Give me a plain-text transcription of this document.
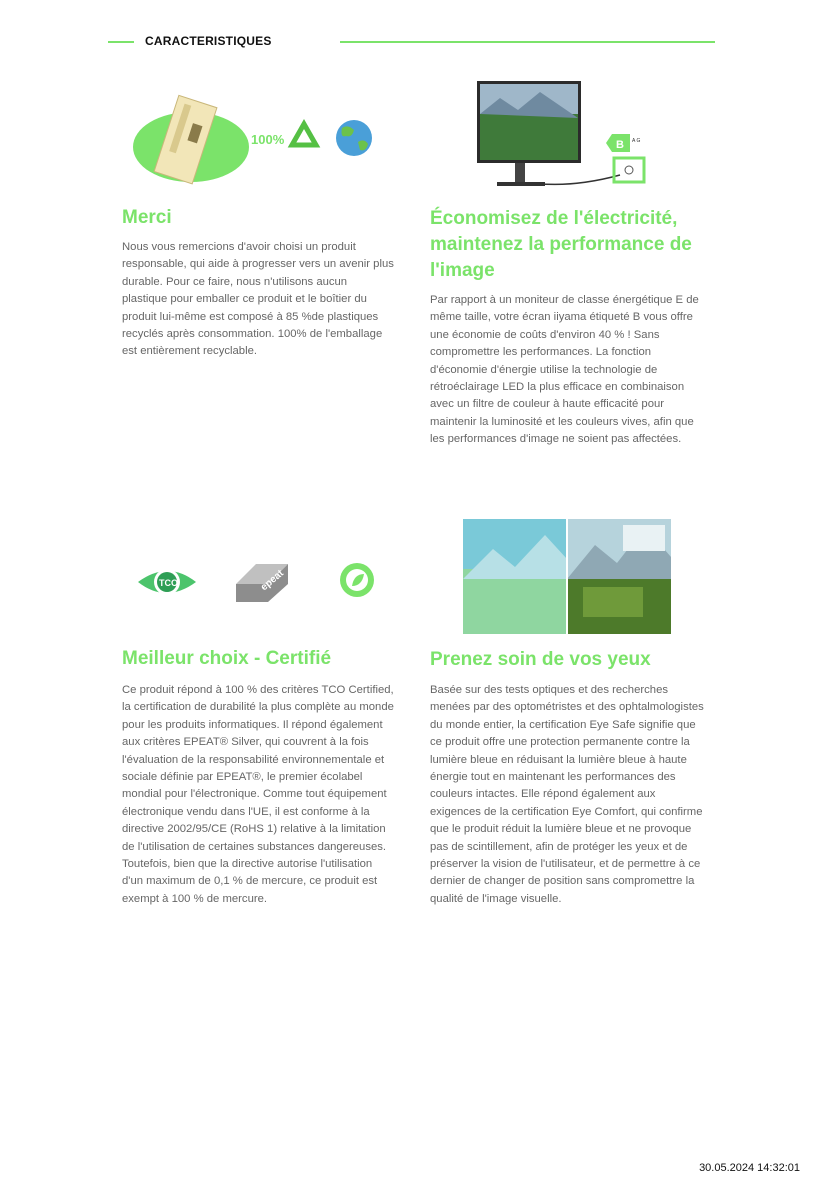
CARACTERISTIQUES
100%	B A G
TCO	epeat
Merci

Nous vous remercions d'avoir choisi un produit responsable, qui aide à progresser vers un avenir plus durable. Pour ce faire, nous n'utilisons aucun plastique pour emballer ce produit et le boîtier du produit lui-même est composé à 85 %de plastiques recyclés après consommation. 100% de l'emballage est entièrement recyclable.

Économisez de l'électricité, maintenez la performance de l'image

Par rapport à un moniteur de classe énergétique E de même taille, votre écran iiyama étiqueté B vous offre une économie de coûts d'environ 40 % ! Sans compromettre les performances. La fonction d'économie d'énergie utilise la technologie de rétroéclairage LED la plus efficace en combinaison avec un filtre de couleur à haute efficacité pour maintenir la luminosité et les couleurs vives, afin que les performances d'image ne soient pas affectées.

Meilleur choix - Certifié

Ce produit répond à 100 % des critères TCO Certified, la certification de durabilité la plus complète au monde pour les produits informatiques. Il répond également aux critères EPEAT® Silver, qui couvrent à la fois l'évaluation de la responsabilité environnementale et sociale définie par EPEAT®, le premier écolabel mondial pour l'électronique. Comme tout équipement électronique vendu dans l'UE, il est conforme à la directive 2002/95/CE (RoHS 1) relative à la limitation de l'utilisation de certaines substances dangereuses. Toutefois, bien que la directive autorise l'utilisation d'un maximum de 0,1 % de mercure, ce produit est exempt à 100 % de mercure.

Prenez soin de vos yeux

Basée sur des tests optiques et des recherches menées par des optométristes et des ophtalmologistes du monde entier, la certification Eye Safe signifie que ce produit offre une protection permanente contre la lumière bleue en réduisant la lumière bleue à haute énergie tout en maintenant les performances des couleurs intactes. Elle répond également aux exigences de la certification Eye Comfort, qui confirme que le produit réduit la lumière bleue et ne provoque pas de scintillement, afin de protéger les yeux et de préserver la vision de l'utilisateur, et de permettre à ce dernier de changer de position sans compromettre la qualité de l'image visuelle.

30.05.2024 14:32:01
